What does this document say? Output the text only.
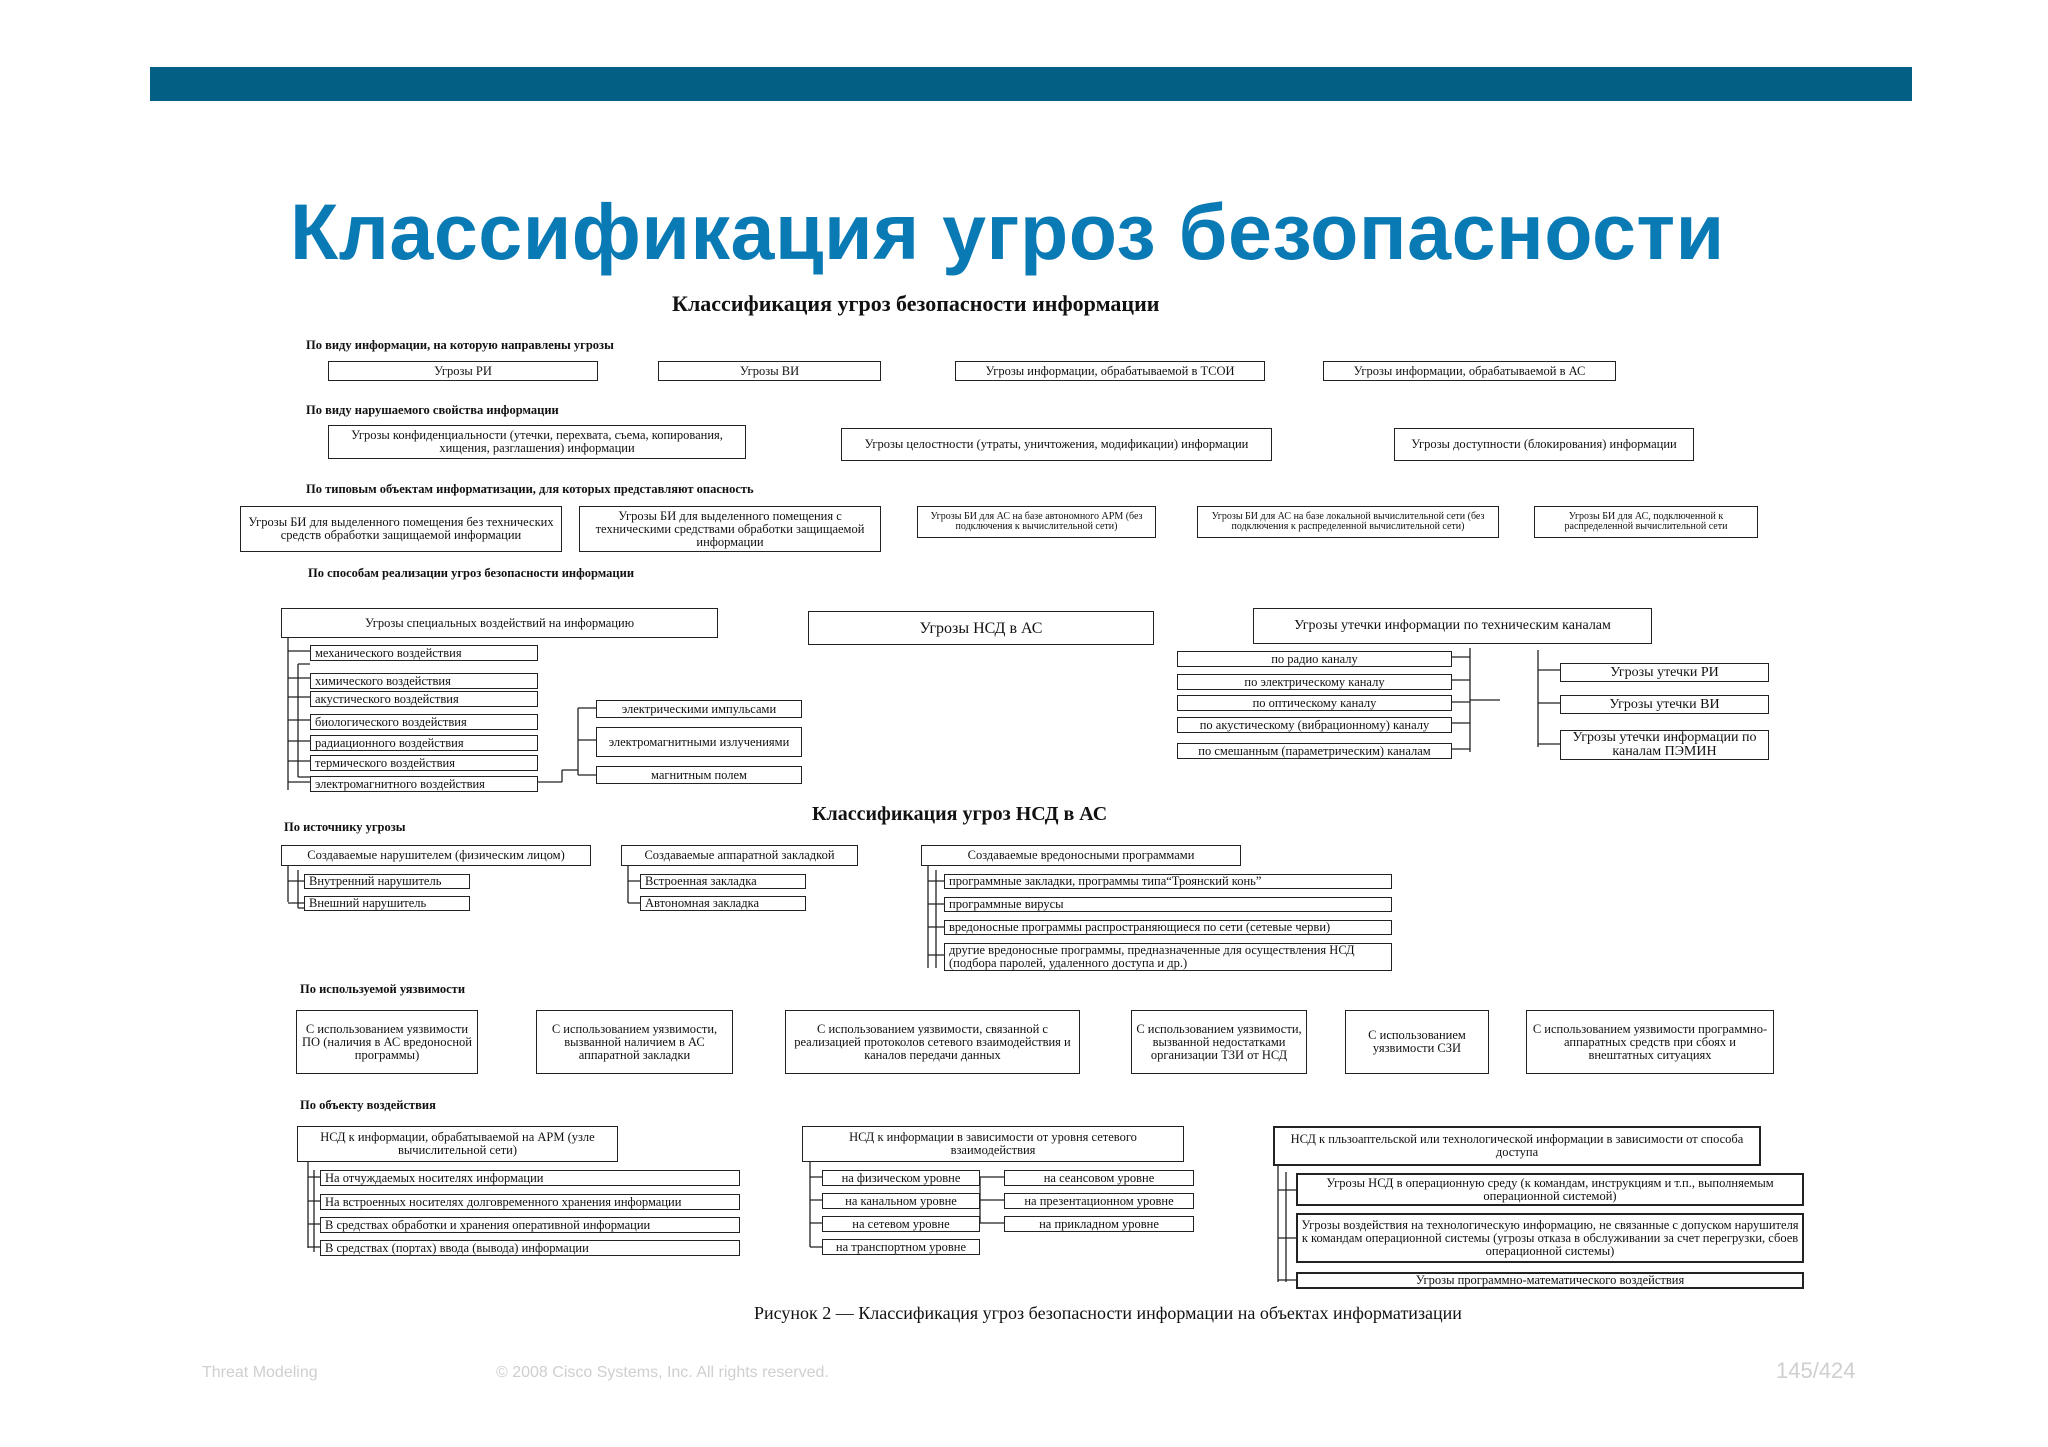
Классификация угроз безопасности
Классификация угроз безопасности информации
По виду информации, на которую направлены угрозы
Угрозы РИ	Угрозы ВИ	Угрозы информации, обрабатываемой в ТСОИ	Угрозы информации, обрабатываемой в АС
По виду нарушаемого свойства информации
Угрозы конфиденциальности (утечки, перехвата, съема, копирования, хищения, разглашения) информации	Угрозы целостности (утраты, уничтожения, модификации) информации	Угрозы доступности (блокирования) информации
По типовым объектам информатизации, для которых представляют опасность
Угрозы БИ для выделенного помещения без технических средств обработки защищаемой информации
Угрозы БИ для выделенного помещения с техническими средствами обработки защищаемой информации
Угрозы БИ для АС на базе автономного АРМ (без подключения к вычислительной сети)
Угрозы БИ для АС на базе локальной вычислительной сети (без подключения к распределенной вычислительной сети)
Угрозы БИ для АС, подключенной к распределенной вычислительной сети
По способам реализации угроз безопасности информации
Угрозы специальных воздействий на информацию
механического воздействия
химического воздействия
акустического воздействия
биологического воздействия
радиационного воздействия
термического воздействия
электромагнитного воздействия
электрическими импульсами
электромагнитными излучениями
магнитным полем
Угрозы НСД в АС	Угрозы утечки информации по техническим каналам
по радио каналу
по электрическому каналу
по оптическому каналу
по акустическому (вибрационному) каналу
по смешанным (параметрическим) каналам
Угрозы утечки РИ
Угрозы утечки ВИ
Угрозы утечки информации по каналам ПЭМИН
Классификация угроз НСД в АС
По источнику угрозы
Создаваемые нарушителем (физическим лицом)
Внутренний нарушитель
Внешний нарушитель
Создаваемые аппаратной закладкой
Встроенная закладка
Автономная закладка
Создаваемые вредоносными программами
программные закладки, программы типа“Троянский конь”
программные вирусы
вредоносные программы распространяющиеся по сети (сетевые черви)
другие вредоносные программы, предназначенные для осуществления НСД (подбора паролей, удаленного доступа и др.)
По используемой уязвимости
С использованием уязвимости ПО (наличия в АС вредоносной программы)
С использованием уязвимости, вызванной наличием в АС аппаратной закладки
С использованием уязвимости, связанной с реализацией протоколов сетевого взаимодействия и каналов передачи данных
С использованием уязвимости, вызванной недостатками организации ТЗИ от НСД
С использованием уязвимости СЗИ
С использованием уязвимости программно-аппаратных средств при сбоях и внештатных ситуациях
По объекту воздействия
НСД к информации, обрабатываемой на АРМ (узле вычислительной сети)
На отчуждаемых носителях информации
На встроенных носителях долговременного хранения информации
В средствах обработки и хранения оперативной информации
В средствах (портах) ввода (вывода) информации
НСД к информации в зависимости от уровня сетевого взаимодействия
на физическом уровне
на канальном уровне
на сетевом уровне
на транспортном уровне
на сеансовом уровне
на презентационном уровне
на прикладном уровне
НСД к пльзоаптельской или технологической информации в зависимости от способа доступа
Угрозы НСД в операционную среду (к командам, инструкциям и т.п., выполняемым операционной системой)
Угрозы воздействия на технологическую информацию, не связанные с допуском нарушителя к командам операционной системы (угрозы отказа в обслуживании за счет перегрузки, сбоев операционной системы)
Угрозы программно-математического воздействия
Рисунок 2 — Классификация угроз безопасности информации на объектах информатизации
Threat Modeling	© 2008 Cisco Systems, Inc. All rights reserved.	145/424
